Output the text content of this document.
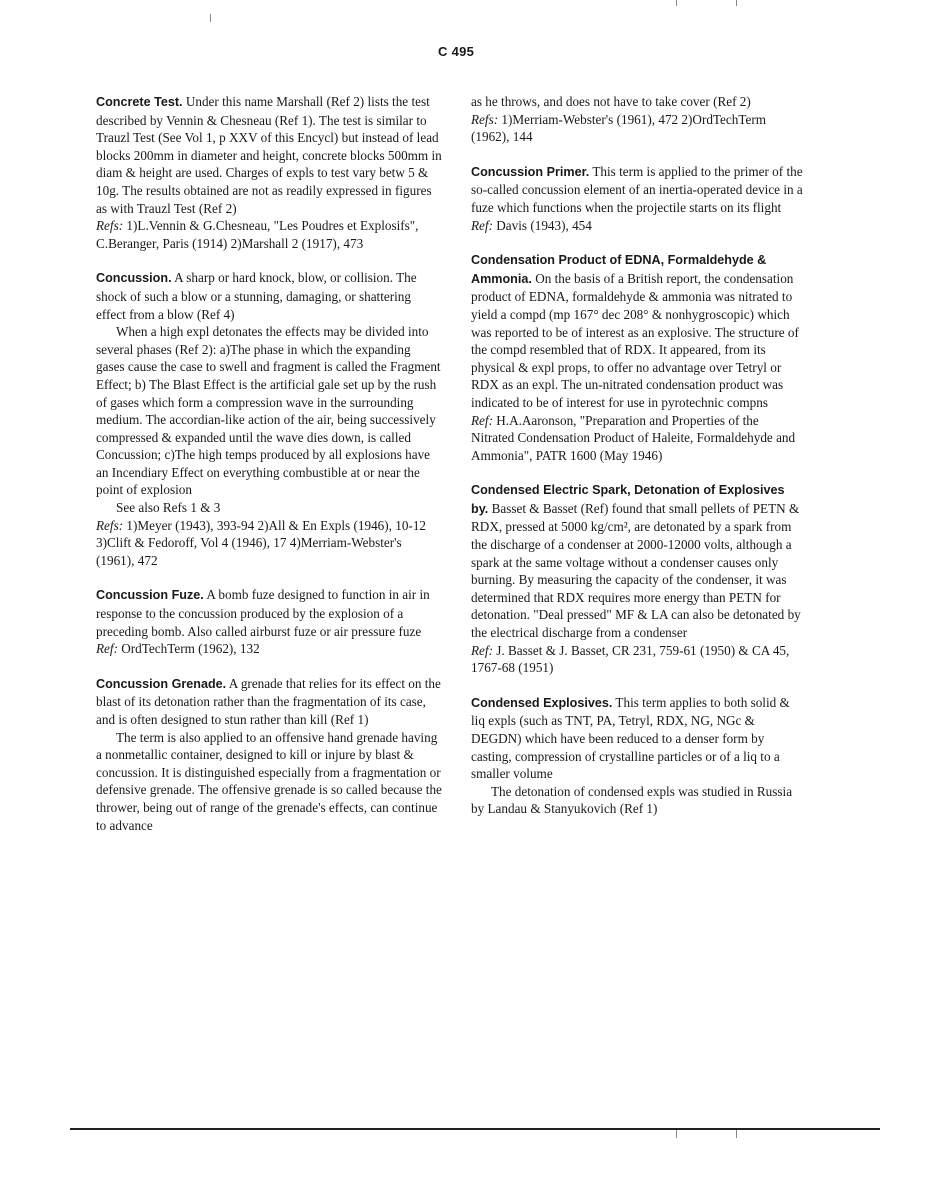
C 495

Concrete Test. Under this name Marshall (Ref 2) lists the test described by Vennin & Chesneau (Ref 1). The test is similar to Trauzl Test (See Vol 1, p XXV of this Encycl) but instead of lead blocks 200mm in diameter and height, concrete blocks 500mm in diam & height are used. Charges of expls to test vary betw 5 & 10g. The results obtained are not as readily expressed in figures as with Trauzl Test (Ref 2)

Refs: 1)L.Vennin & G.Chesneau, "Les Poudres et Explosifs", C.Beranger, Paris (1914) 2)Marshall 2 (1917), 473

Concussion. A sharp or hard knock, blow, or collision. The shock of such a blow or a stunning, damaging, or shattering effect from a blow (Ref 4)

When a high expl detonates the effects may be divided into several phases (Ref 2): a)The phase in which the expanding gases cause the case to swell and fragment is called the Fragment Effect; b) The Blast Effect is the artificial gale set up by the rush of gases which form a compression wave in the surrounding medium. The accordian-like action of the air, being successively compressed & expanded until the wave dies down, is called Concussion; c)The high temps produced by all explosions have an Incendiary Effect on everything combustible at or near the point of explosion

See also Refs 1 & 3

Refs: 1)Meyer (1943), 393-94 2)All & En Expls (1946), 10-12 3)Clift & Fedoroff, Vol 4 (1946), 17 4)Merriam-Webster's (1961), 472

Concussion Fuze. A bomb fuze designed to function in air in response to the concussion produced by the explosion of a preceding bomb. Also called airburst fuze or air pressure fuze

Ref: OrdTechTerm (1962), 132

Concussion Grenade. A grenade that relies for its effect on the blast of its detonation rather than the fragmentation of its case, and is often designed to stun rather than kill (Ref 1)

The term is also applied to an offensive hand grenade having a nonmetallic container, designed to kill or injure by blast & concussion. It is distinguished especially from a fragmentation or defensive grenade. The offensive grenade is so called because the thrower, being out of range of the grenade's effects, can continue to advance

as he throws, and does not have to take cover (Ref 2)

Refs: 1)Merriam-Webster's (1961), 472 2)OrdTechTerm (1962), 144

Concussion Primer. This term is applied to the primer of the so-called concussion element of an inertia-operated device in a fuze which functions when the projectile starts on its flight

Ref: Davis (1943), 454

Condensation Product of EDNA, Formaldehyde & Ammonia. On the basis of a British report, the condensation product of EDNA, formaldehyde & ammonia was nitrated to yield a compd (mp 167° dec 208° & nonhygroscopic) which was reported to be of interest as an explosive. The structure of the compd resembled that of RDX. It appeared, from its physical & expl props, to offer no advantage over Tetryl or RDX as an expl. The un-nitrated condensation product was indicated to be of interest for use in pyrotechnic compns

Ref: H.A.Aaronson, "Preparation and Properties of the Nitrated Condensation Product of Haleite, Formaldehyde and Ammonia", PATR 1600 (May 1946)

Condensed Electric Spark, Detonation of Explosives by. Basset & Basset (Ref) found that small pellets of PETN & RDX, pressed at 5000 kg/cm², are detonated by a spark from the discharge of a condenser at 2000-12000 volts, although a spark at the same voltage without a condenser causes only burning. By measuring the capacity of the condenser, it was determined that RDX requires more energy than PETN for detonation. "Deal pressed" MF & LA can also be detonated by the electrical discharge from a condenser

Ref: J. Basset & J. Basset, CR 231, 759-61 (1950) & CA 45, 1767-68 (1951)

Condensed Explosives. This term applies to both solid & liq expls (such as TNT, PA, Tetryl, RDX, NG, NGc & DEGDN) which have been reduced to a denser form by casting, compression of crystalline particles or of a liq to a smaller volume

The detonation of condensed expls was studied in Russia by Landau & Stanyukovich (Ref 1)
